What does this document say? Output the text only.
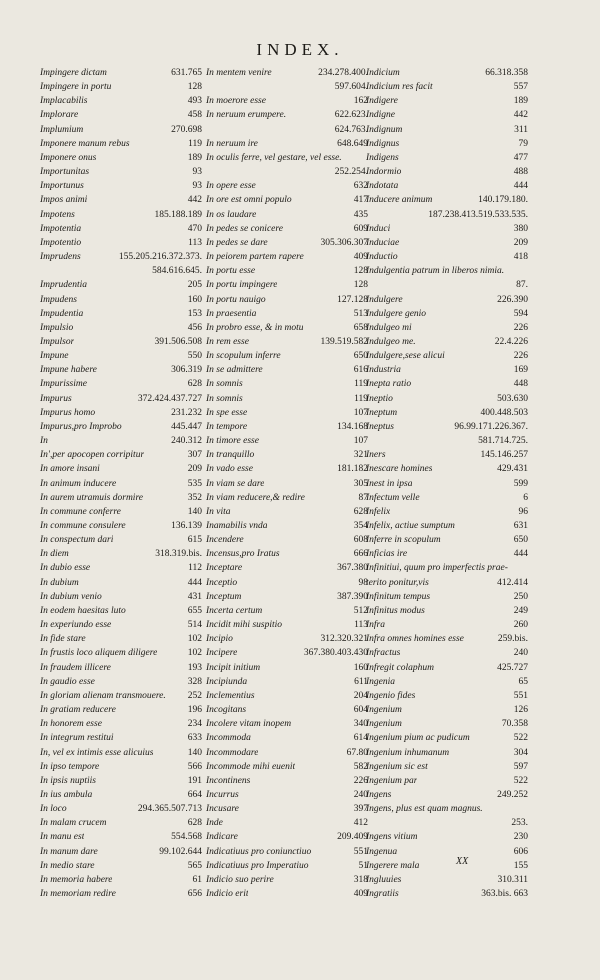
INDEX.
Impingere dictam	631.765
Impingere in portu	128
Implacabilis	493
Implorare	458
Implumium	270.698
Imponere manum rebus	119
Imponere onus	189
Importunitas	93
Importunus	93
Impos animi	442
Impotens	185.188.189
Impotentia	470
Impotentio	113
Imprudens	155.205.216.372.373.
584.616.645.
Imprudentia	205
Impudens	160
Impudentia	153
Impulsio	456
Impulsor	391.506.508
Impune	550
Impune habere	306.319
Impurissime	628
Impurus	372.424.437.727
Impurus homo	231.232
Impurus,pro Improbo	445.447
In	240.312
In',per apocopen corripitur	307
In amore insani	209
In animum inducere	535
In aurem utramuis dormire	352
In commune conferre	140
In commune consulere	136.139
In conspectum dari	615
In diem	318.319.bis.
In dubio esse	112
In dubium	444
In dubium venio	431
In eodem haesitas luto	655
In experiundo esse	514
In fide stare	102
In frustis loco aliquem diligere	102
In fraudem illicere	193
In gaudio esse	328
In gloriam alienam transmouere.	252
In gratiam reducere	196
In honorem esse	234
In integrum restitui	633
In, vel ex intimis esse alicuius	140
In ipso tempore	566
In ipsis nuptiis	191
In ius ambula	664
In loco	294.365.507.713
In malam crucem	628
In manu est	554.568
In manum dare	99.102.644
In medio stare	565
In memoria habere	61
In memoriam redire	656
In mentem venire	234.278.400.
597.604.
In moerore esse	162
In neruum erumpere.	622.623.
624.763.
In neruum ire	648.649
In oculis ferre, vel gestare, vel esse.
252.254.
In opere esse	632
In ore est omni populo	417
In os laudare	435
In pedes se conicere	609
In pedes se dare	305.306.307
In peiorem partem rapere	409
In portu esse	128
In portu impingere	128
In portu nauigo	127.128
In praesentia	513
In probro esse, & in motu	658
In rem esse	139.519.582
In scopulum inferre	650
In se admittere	616
In somnis	119
In somnis	119
In spe esse	107
In tempore	134.168
In timore esse	107
In tranquillo	321
In vado esse	181.182
In viam se dare	305
In viam reducere,& redire	87
In vita	628
Inamabilis vnda	354
Incendere	608
Incensus,pro Iratus	666
Inceptare	367.380
Inceptio	98
Inceptum	387.390
Incerta certum	512
Incidit mihi suspitio	113
Incipio	312.320.321
Incipere	367.380.403.430
Incipit initium	160
Incipiunda	611
Inclementius	204
Incogitans	604
Incolere vitam inopem	340
Incommoda	614
Incommodare	67.80
Incommode mihi euenit	582
Incontinens	226
Incurrus	240
Incusare	397
Inde	412
Indicare	209.409
Indicatiuus pro coniunctiuo	551
Indicatiuus pro Imperatiuo	51
Indicio suo perire	318
Indicio erit	409
Indicium	66.318.358
Indicium res facit	557
Indigere	189
Indigne	442
Indignum	311
Indignus	79
Indigens	477
Indormio	488
Indotata	444
Inducere animum	140.179.180.
187.238.413.519.533.535.
Induci	380
Induciae	209
Inductio	418
Indulgentia patrum in liberos nimia.
87.
Indulgere	226.390
Indulgere genio	594
Indulgeo mi	226
Indulgeo me.	22.4.226
Indulgere,sese alicui	226
Industria	169
Inepta ratio	448
Ineptio	503.630
Ineptum	400.448.503
Ineptus	96.99.171.226.367.
581.714.725.
Iners	145.146.257
Inescare homines	429.431
Inest in ipsa	599
Infectum velle	6
Infelix	96
Infelix, actiue sumptum	631
Inferre in scopulum	650
Inficias ire	444
Infinitiui, quum pro imperfectis prae-
terito ponitur,vis	412.414
Infinitum tempus	250
Infinitus modus	249
Infra	260
Infra omnes homines esse	259.bis.
Infractus	240
Infregit colaphum	425.727
Ingenia	65
Ingenio fides	551
Ingenium	126
Ingenium	70.358
Ingenium pium ac pudicum	522
Ingenium inhumanum	304
Ingenium sic est	597
Ingenium par	522
Ingens	249.252
Ingens, plus est quam magnus.
253.
Ingens vitium	230
Ingenua	606
Ingerere mala	155
Ingluuies	310.311
Ingratiis	363.bis. 663
XX
